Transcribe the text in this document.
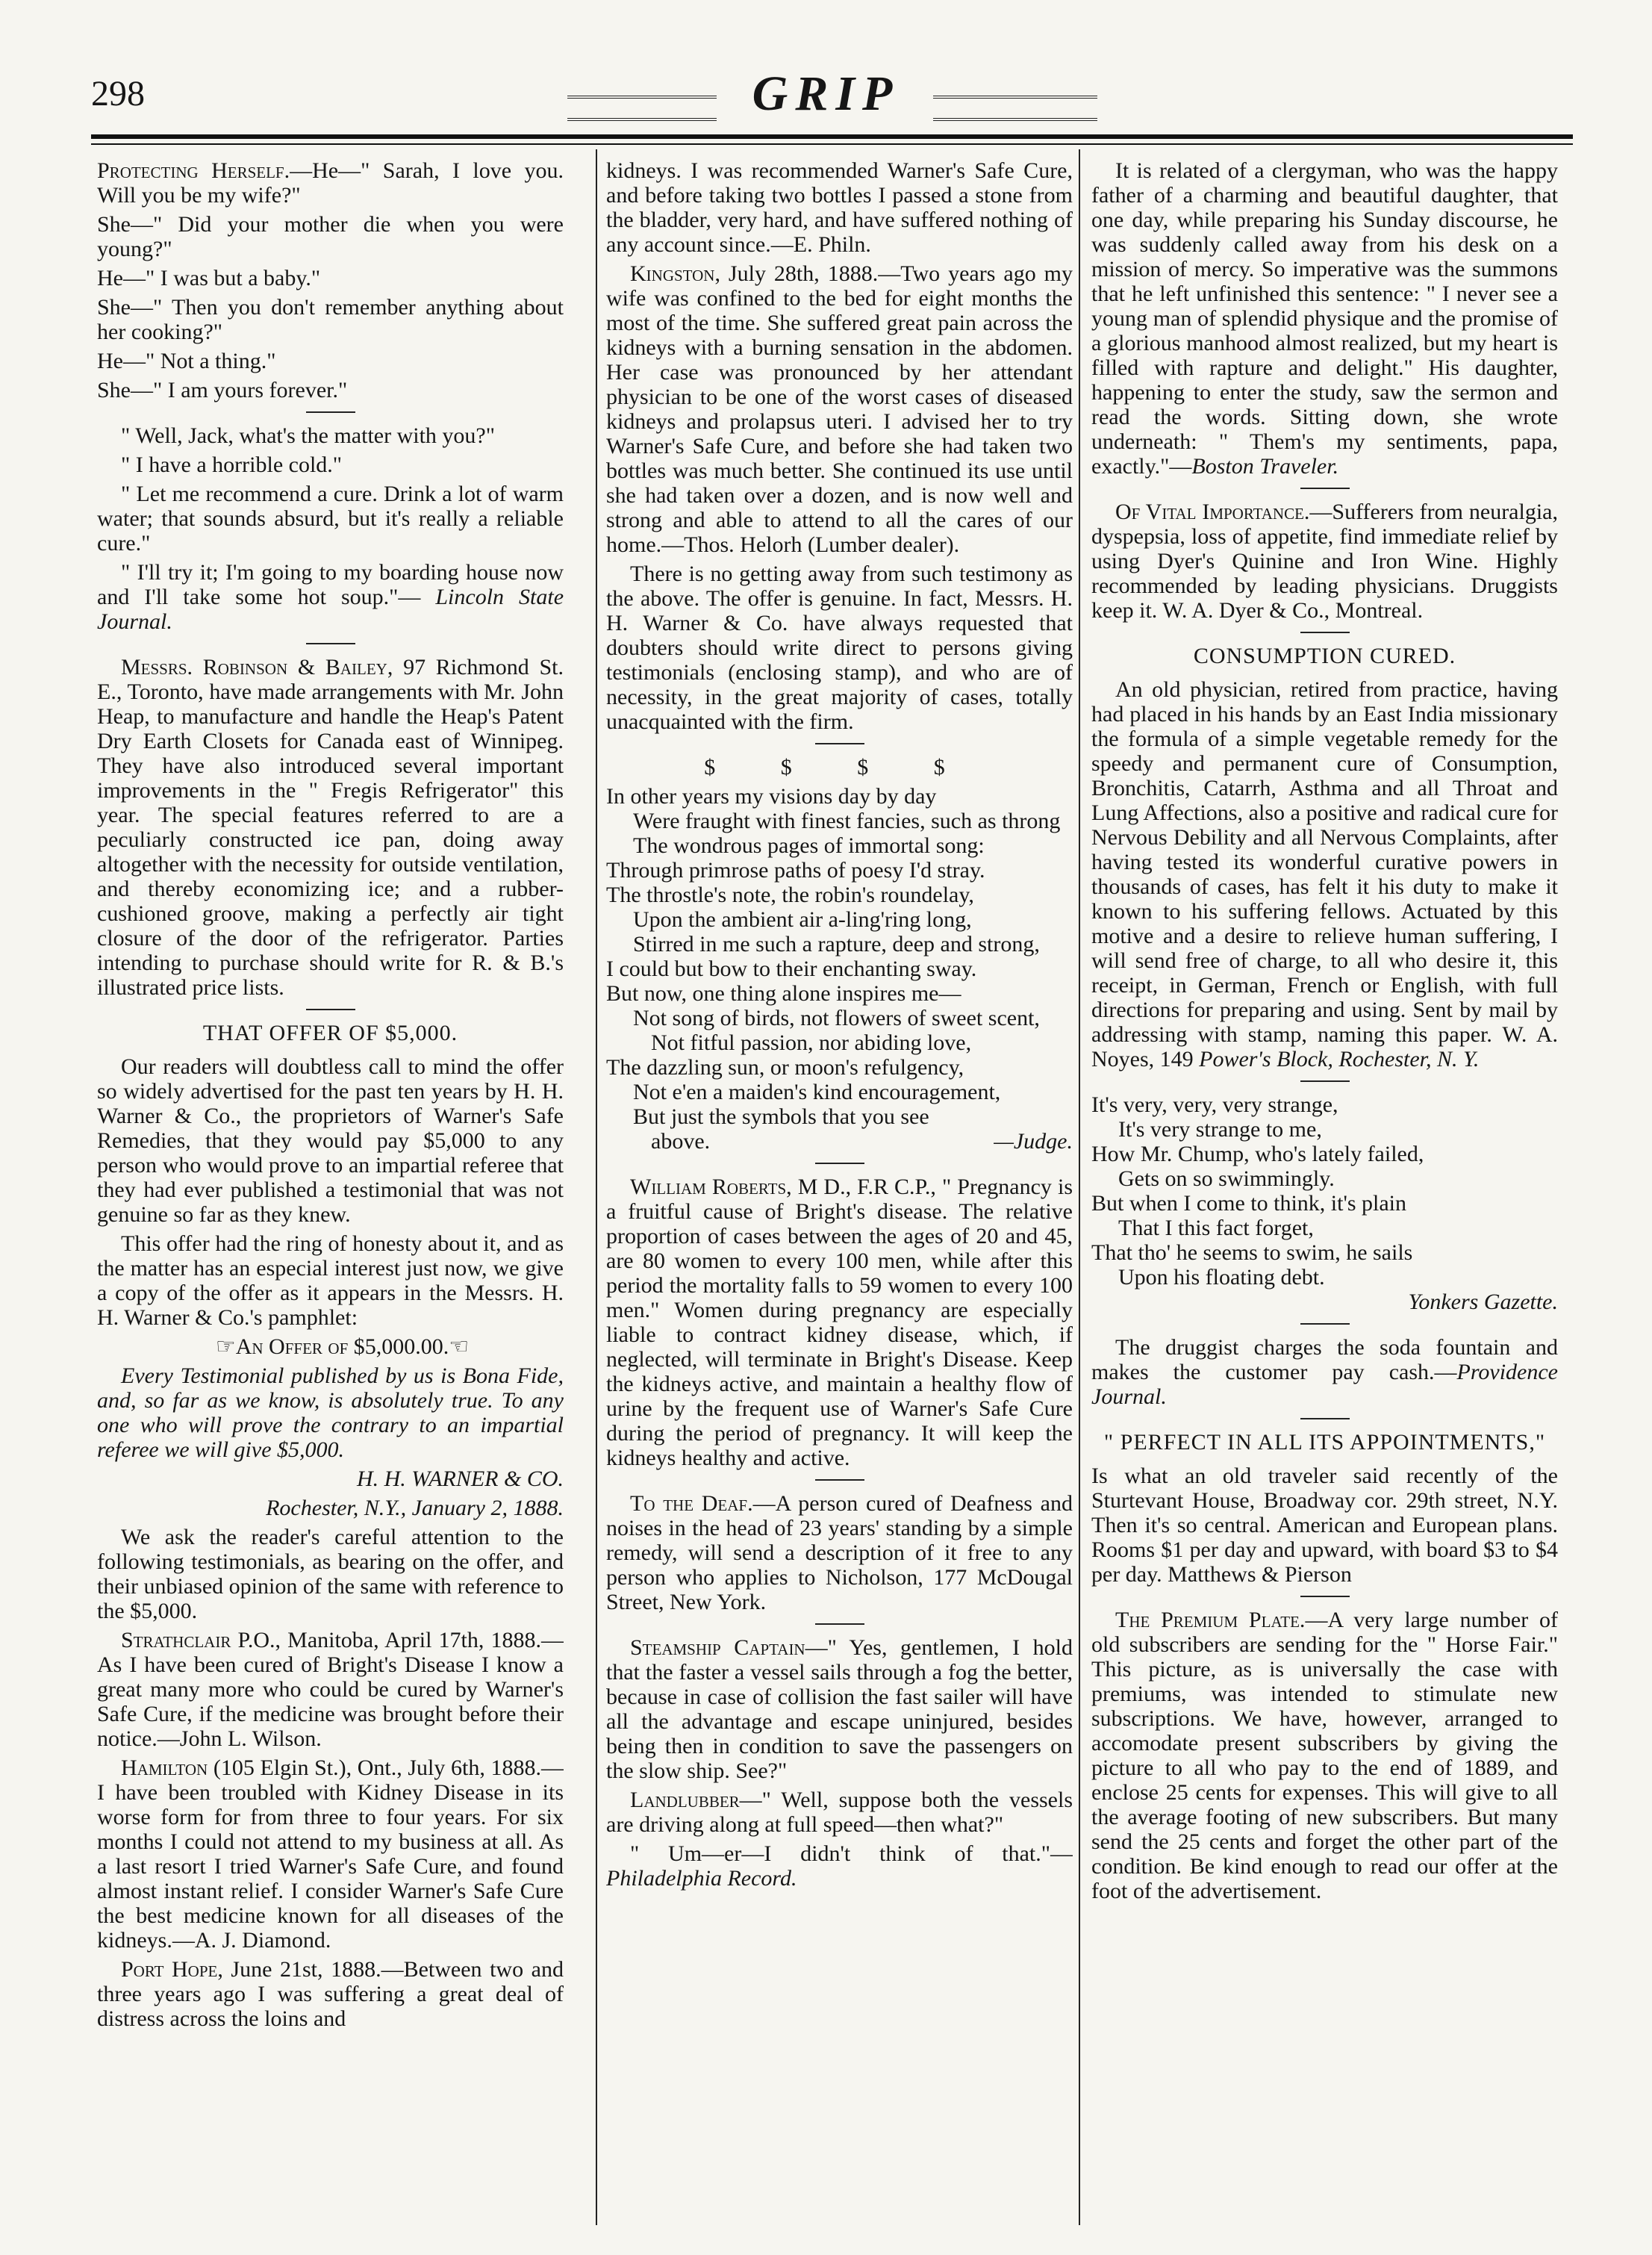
298	GRIP

Protecting Herself.—He—" Sarah, I love you. Will you be my wife?"

She—" Did your mother die when you were young?"

He—" I was but a baby."

She—" Then you don't remember anything about her cooking?"

He—" Not a thing."

She—" I am yours forever."

" Well, Jack, what's the matter with you?"

" I have a horrible cold."

" Let me recommend a cure. Drink a lot of warm water; that sounds absurd, but it's really a reliable cure."

" I'll try it; I'm going to my boarding house now and I'll take some hot soup."— Lincoln State Journal.

Messrs. Robinson & Bailey, 97 Richmond St. E., Toronto, have made arrangements with Mr. John Heap, to manufacture and handle the Heap's Patent Dry Earth Closets for Canada east of Winnipeg. They have also introduced several important improvements in the " Fregis Refrigerator" this year. The special features referred to are a peculiarly constructed ice pan, doing away altogether with the necessity for outside ventilation, and thereby economizing ice; and a rubber-cushioned groove, making a perfectly air tight closure of the door of the refrigerator. Parties intending to purchase should write for R. & B.'s illustrated price lists.

THAT OFFER OF $5,000.

Our readers will doubtless call to mind the offer so widely advertised for the past ten years by H. H. Warner & Co., the proprietors of Warner's Safe Remedies, that they would pay $5,000 to any person who would prove to an impartial referee that they had ever published a testimonial that was not genuine so far as they knew.

This offer had the ring of honesty about it, and as the matter has an especial interest just now, we give a copy of the offer as it appears in the Messrs. H. H. Warner & Co.'s pamphlet:

☞An Offer of $5,000.00.☜

Every Testimonial published by us is Bona Fide, and, so far as we know, is absolutely true. To any one who will prove the contrary to an impartial referee we will give $5,000.

H. H. WARNER & CO.

Rochester, N.Y., January 2, 1888.

We ask the reader's careful attention to the following testimonials, as bearing on the offer, and their unbiased opinion of the same with reference to the $5,000.

Strathclair P.O., Manitoba, April 17th, 1888.—As I have been cured of Bright's Disease I know a great many more who could be cured by Warner's Safe Cure, if the medicine was brought before their notice.—John L. Wilson.

Hamilton (105 Elgin St.), Ont., July 6th, 1888.—I have been troubled with Kidney Disease in its worse form for from three to four years. For six months I could not attend to my business at all. As a last resort I tried Warner's Safe Cure, and found almost instant relief. I consider Warner's Safe Cure the best medicine known for all diseases of the kidneys.—A. J. Diamond.

Port Hope, June 21st, 1888.—Between two and three years ago I was suffering a great deal of distress across the loins and

kidneys. I was recommended Warner's Safe Cure, and before taking two bottles I passed a stone from the bladder, very hard, and have suffered nothing of any account since.—E. Philn.

Kingston, July 28th, 1888.—Two years ago my wife was confined to the bed for eight months the most of the time. She suffered great pain across the kidneys with a burning sensation in the abdomen. Her case was pronounced by her attendant physician to be one of the worst cases of diseased kidneys and prolapsus uteri. I advised her to try Warner's Safe Cure, and before she had taken two bottles was much better. She continued its use until she had taken over a dozen, and is now well and strong and able to attend to all the cares of our home.—Thos. Helorh (Lumber dealer).

There is no getting away from such testimony as the above. The offer is genuine. In fact, Messrs. H. H. Warner & Co. have always requested that doubters should write direct to persons giving testimonials (enclosing stamp), and who are of necessity, in the great majority of cases, totally unacquainted with the firm.

$ $ $ $

In other years my visions day by day

Were fraught with finest fancies, such as throng

The wondrous pages of immortal song:

Through primrose paths of poesy I'd stray.

The throstle's note, the robin's roundelay,

Upon the ambient air a-ling'ring long,

Stirred in me such a rapture, deep and strong,

I could but bow to their enchanting sway.

But now, one thing alone inspires me—

Not song of birds, not flowers of sweet scent,

Not fitful passion, nor abiding love,

The dazzling sun, or moon's refulgency,

Not e'en a maiden's kind encouragement,

But just the symbols that you see

above.	—Judge.

William Roberts, M D., F.R C.P., " Pregnancy is a fruitful cause of Bright's disease. The relative proportion of cases between the ages of 20 and 45, are 80 women to every 100 men, while after this period the mortality falls to 59 women to every 100 men." Women during pregnancy are especially liable to contract kidney disease, which, if neglected, will terminate in Bright's Disease. Keep the kidneys active, and maintain a healthy flow of urine by the frequent use of Warner's Safe Cure during the period of pregnancy. It will keep the kidneys healthy and active.

To the Deaf.—A person cured of Deafness and noises in the head of 23 years' standing by a simple remedy, will send a description of it free to any person who applies to Nicholson, 177 McDougal Street, New York.

Steamship Captain—" Yes, gentlemen, I hold that the faster a vessel sails through a fog the better, because in case of collision the fast sailer will have all the advantage and escape uninjured, besides being then in condition to save the passengers on the slow ship. See?"

Landlubber—" Well, suppose both the vessels are driving along at full speed—then what?"

" Um—er—I didn't think of that."— Philadelphia Record.

It is related of a clergyman, who was the happy father of a charming and beautiful daughter, that one day, while preparing his Sunday discourse, he was suddenly called away from his desk on a mission of mercy. So imperative was the summons that he left unfinished this sentence: " I never see a young man of splendid physique and the promise of a glorious manhood almost realized, but my heart is filled with rapture and delight." His daughter, happening to enter the study, saw the sermon and read the words. Sitting down, she wrote underneath: " Them's my sentiments, papa, exactly."—Boston Traveler.

Of Vital Importance.—Sufferers from neuralgia, dyspepsia, loss of appetite, find immediate relief by using Dyer's Quinine and Iron Wine. Highly recommended by leading physicians. Druggists keep it. W. A. Dyer & Co., Montreal.

CONSUMPTION CURED.

An old physician, retired from practice, having had placed in his hands by an East India missionary the formula of a simple vegetable remedy for the speedy and permanent cure of Consumption, Bronchitis, Catarrh, Asthma and all Throat and Lung Affections, also a positive and radical cure for Nervous Debility and all Nervous Complaints, after having tested its wonderful curative powers in thousands of cases, has felt it his duty to make it known to his suffering fellows. Actuated by this motive and a desire to relieve human suffering, I will send free of charge, to all who desire it, this receipt, in German, French or English, with full directions for preparing and using. Sent by mail by addressing with stamp, naming this paper. W. A. Noyes, 149 Power's Block, Rochester, N. Y.

It's very, very, very strange,

It's very strange to me,

How Mr. Chump, who's lately failed,

Gets on so swimmingly.

But when I come to think, it's plain

That I this fact forget,

That tho' he seems to swim, he sails

Upon his floating debt.

Yonkers Gazette.

The druggist charges the soda fountain and makes the customer pay cash.—Providence Journal.

" PERFECT IN ALL ITS APPOINTMENTS,"

Is what an old traveler said recently of the Sturtevant House, Broadway cor. 29th street, N.Y. Then it's so central. American and European plans. Rooms $1 per day and upward, with board $3 to $4 per day. Matthews & Pierson

The Premium Plate.—A very large number of old subscribers are sending for the " Horse Fair." This picture, as is universally the case with premiums, was intended to stimulate new subscriptions. We have, however, arranged to accomodate present subscribers by giving the picture to all who pay to the end of 1889, and enclose 25 cents for expenses. This will give to all the average footing of new subscribers. But many send the 25 cents and forget the other part of the condition. Be kind enough to read our offer at the foot of the advertisement.
